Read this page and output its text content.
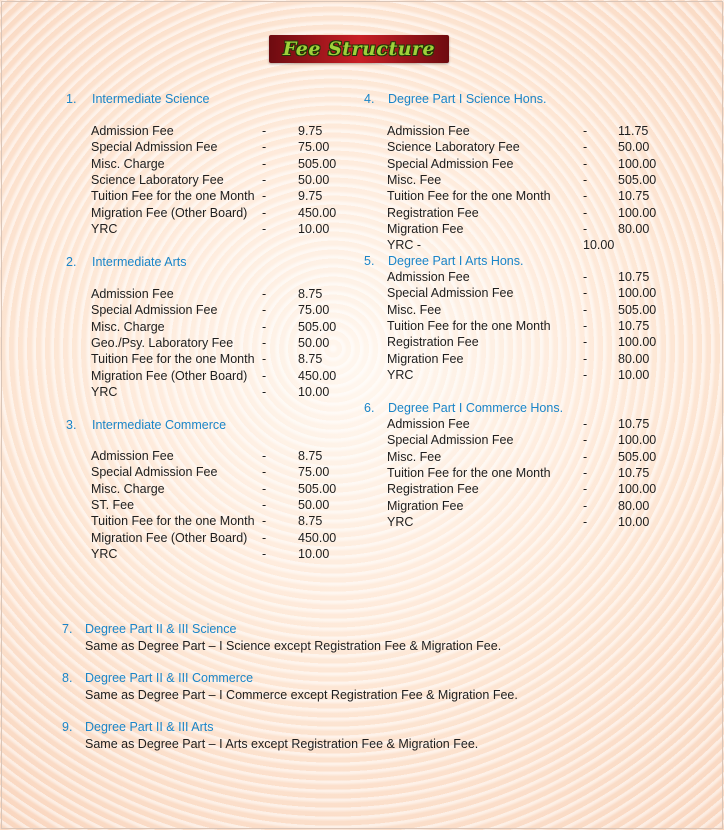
Fee Structure
1. Intermediate Science
Admission Fee	-	9.75
Special Admission Fee	-	75.00
Misc. Charge	-	505.00
Science Laboratory Fee	-	50.00
Tuition Fee for the one Month -	9.75
Migration Fee (Other Board) -	450.00
YRC	-	10.00
2. Intermediate Arts
Admission Fee	-	8.75
Special Admission Fee	-	75.00
Misc. Charge	-	505.00
Geo./Psy. Laboratory Fee -	50.00
Tuition Fee for the one Month -	8.75
Migration Fee (Other Board) -	450.00
YRC	-	10.00
3. Intermediate Commerce
Admission Fee	-	8.75
Special Admission Fee	-	75.00
Misc. Charge	-	505.00
ST. Fee	-	50.00
Tuition Fee for the one Month -	8.75
Migration Fee (Other Board) -	450.00
YRC	-	10.00
4. Degree Part I Science Hons.
Admission Fee	- 11.75
Science Laboratory Fee	- 50.00
Special Admission Fee	- 100.00
Misc. Fee	- 505.00
Tuition Fee for the one Month	- 10.75
Registration Fee	- 100.00
Migration Fee	- 80.00
YRC -	10.00
5. Degree Part I Arts Hons.
Admission Fee	- 10.75
Special Admission Fee	- 100.00
Misc. Fee	- 505.00
Tuition Fee for the one Month	- 10.75
Registration Fee	- 100.00
Migration Fee	- 80.00
YRC	- 10.00
6. Degree Part I Commerce Hons.
Admission Fee	- 10.75
Special Admission Fee	- 100.00
Misc. Fee	- 505.00
Tuition Fee for the one Month	- 10.75
Registration Fee	- 100.00
Migration Fee	- 80.00
YRC	- 10.00
7. Degree Part II & III Science
Same as Degree Part – I Science except Registration Fee & Migration Fee.
8. Degree Part II & III Commerce
Same as Degree Part – I Commerce except Registration Fee & Migration Fee.
9. Degree Part II & III Arts
Same as Degree Part – I Arts except Registration Fee & Migration Fee.
